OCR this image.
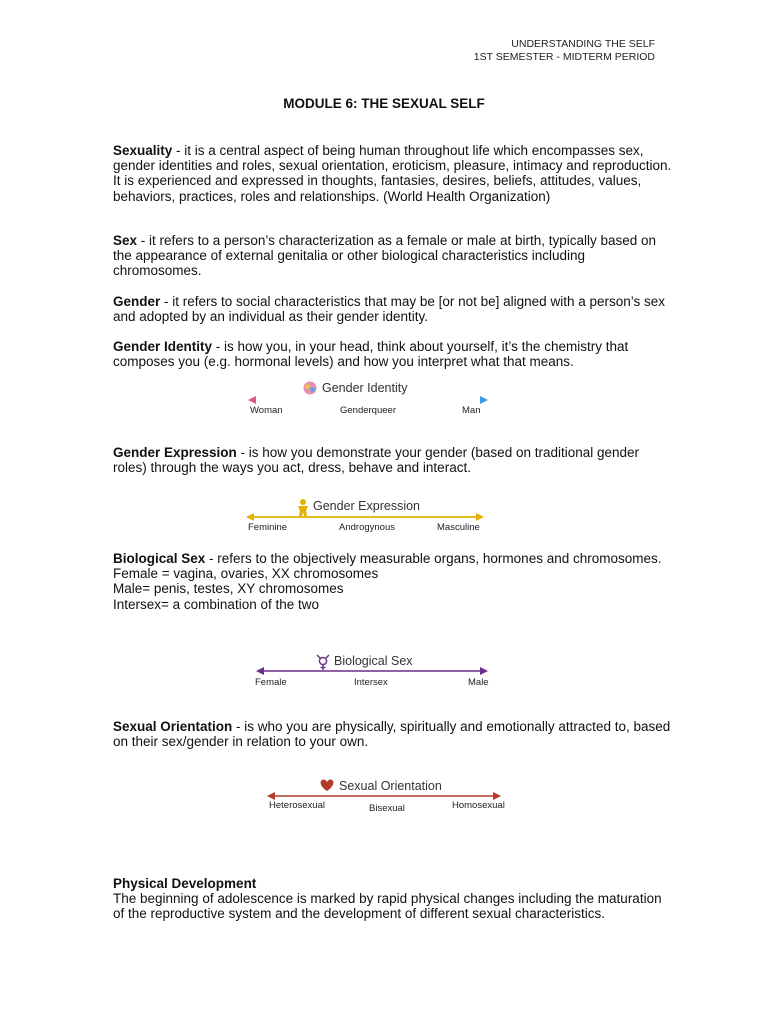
UNDERSTANDING THE SELF
1ST SEMESTER - MIDTERM PERIOD
MODULE 6: THE SEXUAL SELF
Sexuality - it is a central aspect of being human throughout life which encompasses sex, gender identities and roles, sexual orientation, eroticism, pleasure, intimacy and reproduction. It is experienced and expressed in thoughts, fantasies, desires, beliefs, attitudes, values, behaviors, practices, roles and relationships. (World Health Organization)
Sex - it refers to a person’s characterization as a female or male at birth, typically based on the appearance of external genitalia or other biological characteristics including chromosomes.
Gender - it refers to social characteristics that may be [or not be] aligned with a person’s sex and adopted by an individual as their gender identity.
Gender Identity - is how you, in your head, think about yourself, it’s the chemistry that composes you (e.g. hormonal levels) and how you interpret what that means.
Gender Identity
Woman	Genderqueer	Man
Gender Expression - is how you demonstrate your gender (based on traditional gender roles) through the ways you act, dress, behave and interact.
Gender Expression
Feminine	Androgynous	Masculine
Biological Sex - refers to the objectively measurable organs, hormones and chromosomes.
Female = vagina, ovaries, XX chromosomes
Male= penis, testes, XY chromosomes
Intersex= a combination of the two
Biological Sex
Female	Intersex	Male
Sexual Orientation - is who you are physically, spiritually and emotionally attracted to, based on their sex/gender in relation to your own.
Sexual Orientation
Heterosexual	Bisexual	Homosexual
Physical Development
The beginning of adolescence is marked by rapid physical changes including the maturation of the reproductive system and the development of different sexual characteristics.
